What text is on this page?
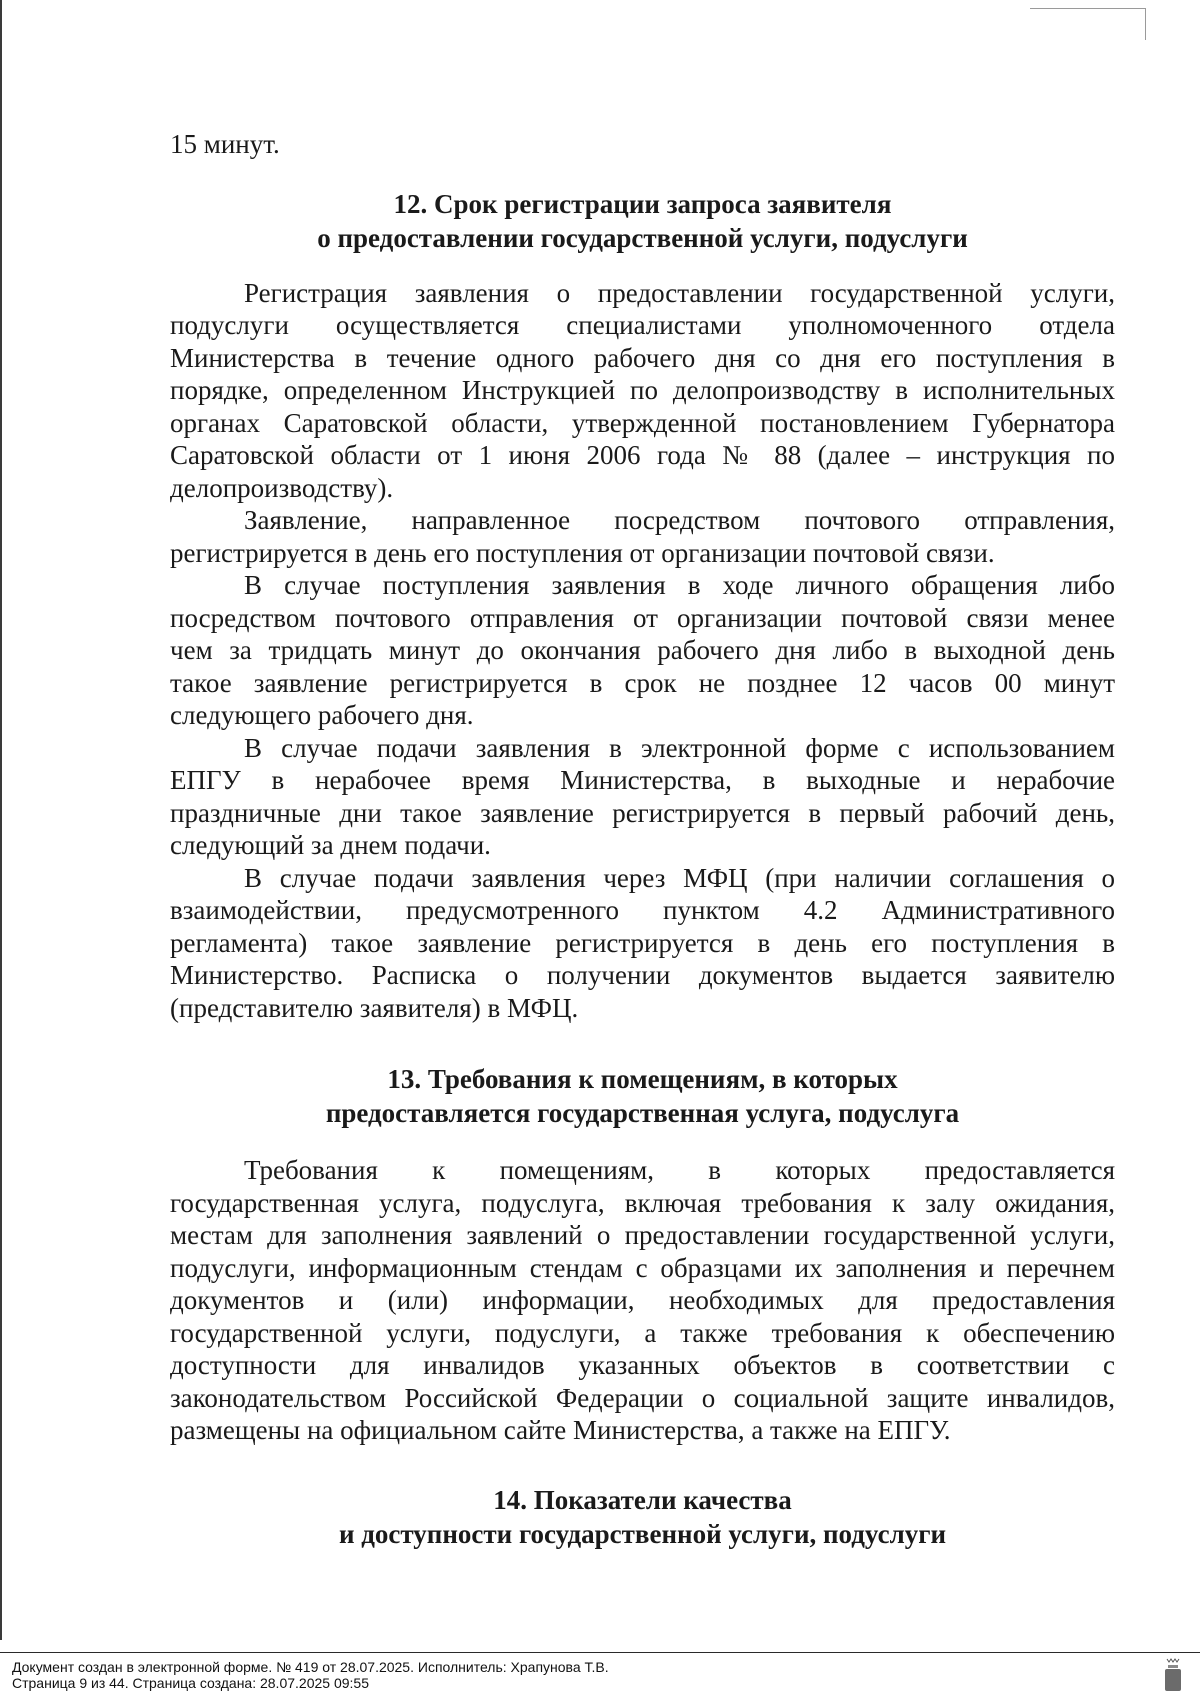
15 минут.

12. Срок регистрации запроса заявителя

о предоставлении государственной услуги, подуслуги

Регистрация заявления о предоставлении государственной услуги,

подуслуги осуществляется специалистами уполномоченного отдела

Министерства в течение одного рабочего дня со дня его поступления в

порядке, определенном Инструкцией по делопроизводству в исполнительных

органах Саратовской области, утвержденной постановлением Губернатора

Саратовской области от 1 июня 2006 года № 88 (далее – инструкция по

делопроизводству).

Заявление, направленное посредством почтового отправления,

регистрируется в день его поступления от организации почтовой связи.

В случае поступления заявления в ходе личного обращения либо

посредством почтового отправления от организации почтовой связи менее

чем за тридцать минут до окончания рабочего дня либо в выходной день

такое заявление регистрируется в срок не позднее 12 часов 00 минут

следующего рабочего дня.

В случае подачи заявления в электронной форме с использованием

ЕПГУ в нерабочее время Министерства, в выходные и нерабочие

праздничные дни такое заявление регистрируется в первый рабочий день,

следующий за днем подачи.

В случае подачи заявления через МФЦ (при наличии соглашения о

взаимодействии, предусмотренного пунктом 4.2 Административного

регламента) такое заявление регистрируется в день его поступления в

Министерство. Расписка о получении документов выдается заявителю

(представителю заявителя) в МФЦ.

13. Требования к помещениям, в которых

предоставляется государственная услуга, подуслуга

Требования к помещениям, в которых предоставляется

государственная услуга, подуслуга, включая требования к залу ожидания,

местам для заполнения заявлений о предоставлении государственной услуги,

подуслуги, информационным стендам с образцами их заполнения и перечнем

документов и (или) информации, необходимых для предоставления

государственной услуги, подуслуги, а также требования к обеспечению

доступности для инвалидов указанных объектов в соответствии с

законодательством Российской Федерации о социальной защите инвалидов,

размещены на официальном сайте Министерства, а также на ЕПГУ.

14. Показатели качества

и доступности государственной услуги, подуслуги

Документ создан в электронной форме. № 419 от 28.07.2025. Исполнитель: Храпунова Т.В.
Страница 9 из 44. Страница создана: 28.07.2025 09:55
